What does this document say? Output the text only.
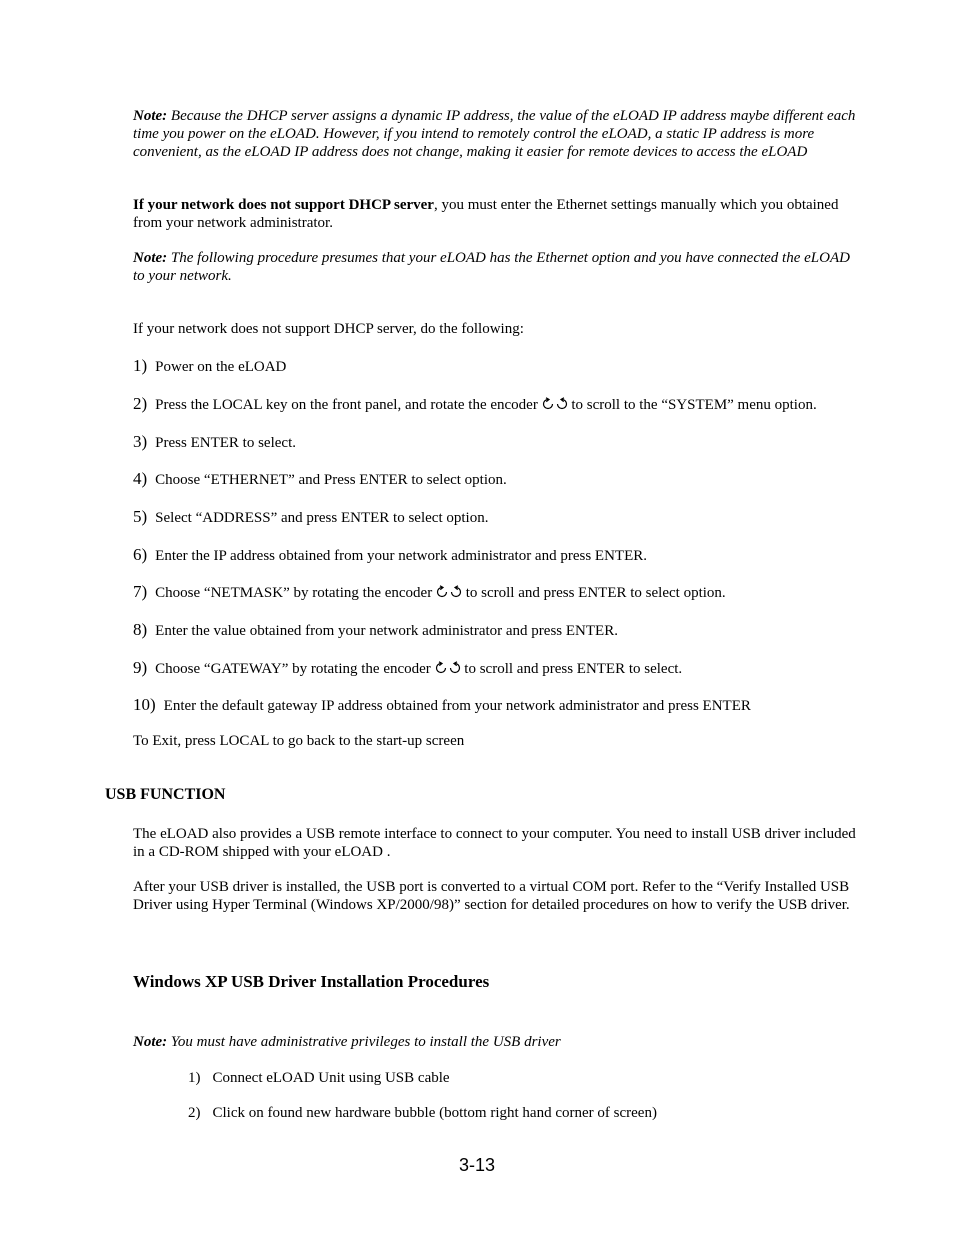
Note: Because the DHCP server assigns a dynamic IP address, the value of the eLOAD IP address maybe different each time you power on the eLOAD. However, if you intend to remotely control the eLOAD, a static IP address is more convenient, as the eLOAD IP address does not change, making it easier for remote devices to access the eLOAD
If your network does not support DHCP server, you must enter the Ethernet settings manually which you obtained from your network administrator.
Note: The following procedure presumes that your eLOAD has the Ethernet option and you have connected the eLOAD to your network.
If your network does not support DHCP server, do the following:
1) Power on the eLOAD
2) Press the LOCAL key on the front panel, and rotate the encoder  to scroll to the “SYSTEM” menu option.
3) Press ENTER to select.
4) Choose “ETHERNET” and Press ENTER to select option.
5) Select “ADDRESS” and press ENTER to select option.
6) Enter the IP address obtained from your network administrator and press ENTER.
7) Choose “NETMASK” by rotating the encoder  to scroll and press ENTER to select option.
8) Enter the value obtained from your network administrator and press ENTER.
9) Choose “GATEWAY” by rotating the encoder  to scroll and press ENTER to select.
10) Enter the default gateway IP address obtained from your network administrator and press ENTER
To Exit, press LOCAL to go back to the start-up screen
USB FUNCTION
The eLOAD also provides a USB remote interface to connect to your computer. You need to install USB driver included in a CD-ROM shipped with your eLOAD .
After your USB driver is installed, the USB port is converted to a virtual COM port. Refer to the “Verify Installed USB Driver using Hyper Terminal (Windows XP/2000/98)” section for detailed procedures on how to verify the USB driver.
Windows XP USB Driver Installation Procedures
Note: You must have administrative privileges to install the USB driver
1) Connect eLOAD Unit using USB cable
2) Click on found new hardware bubble (bottom right hand corner of screen)
3-13
